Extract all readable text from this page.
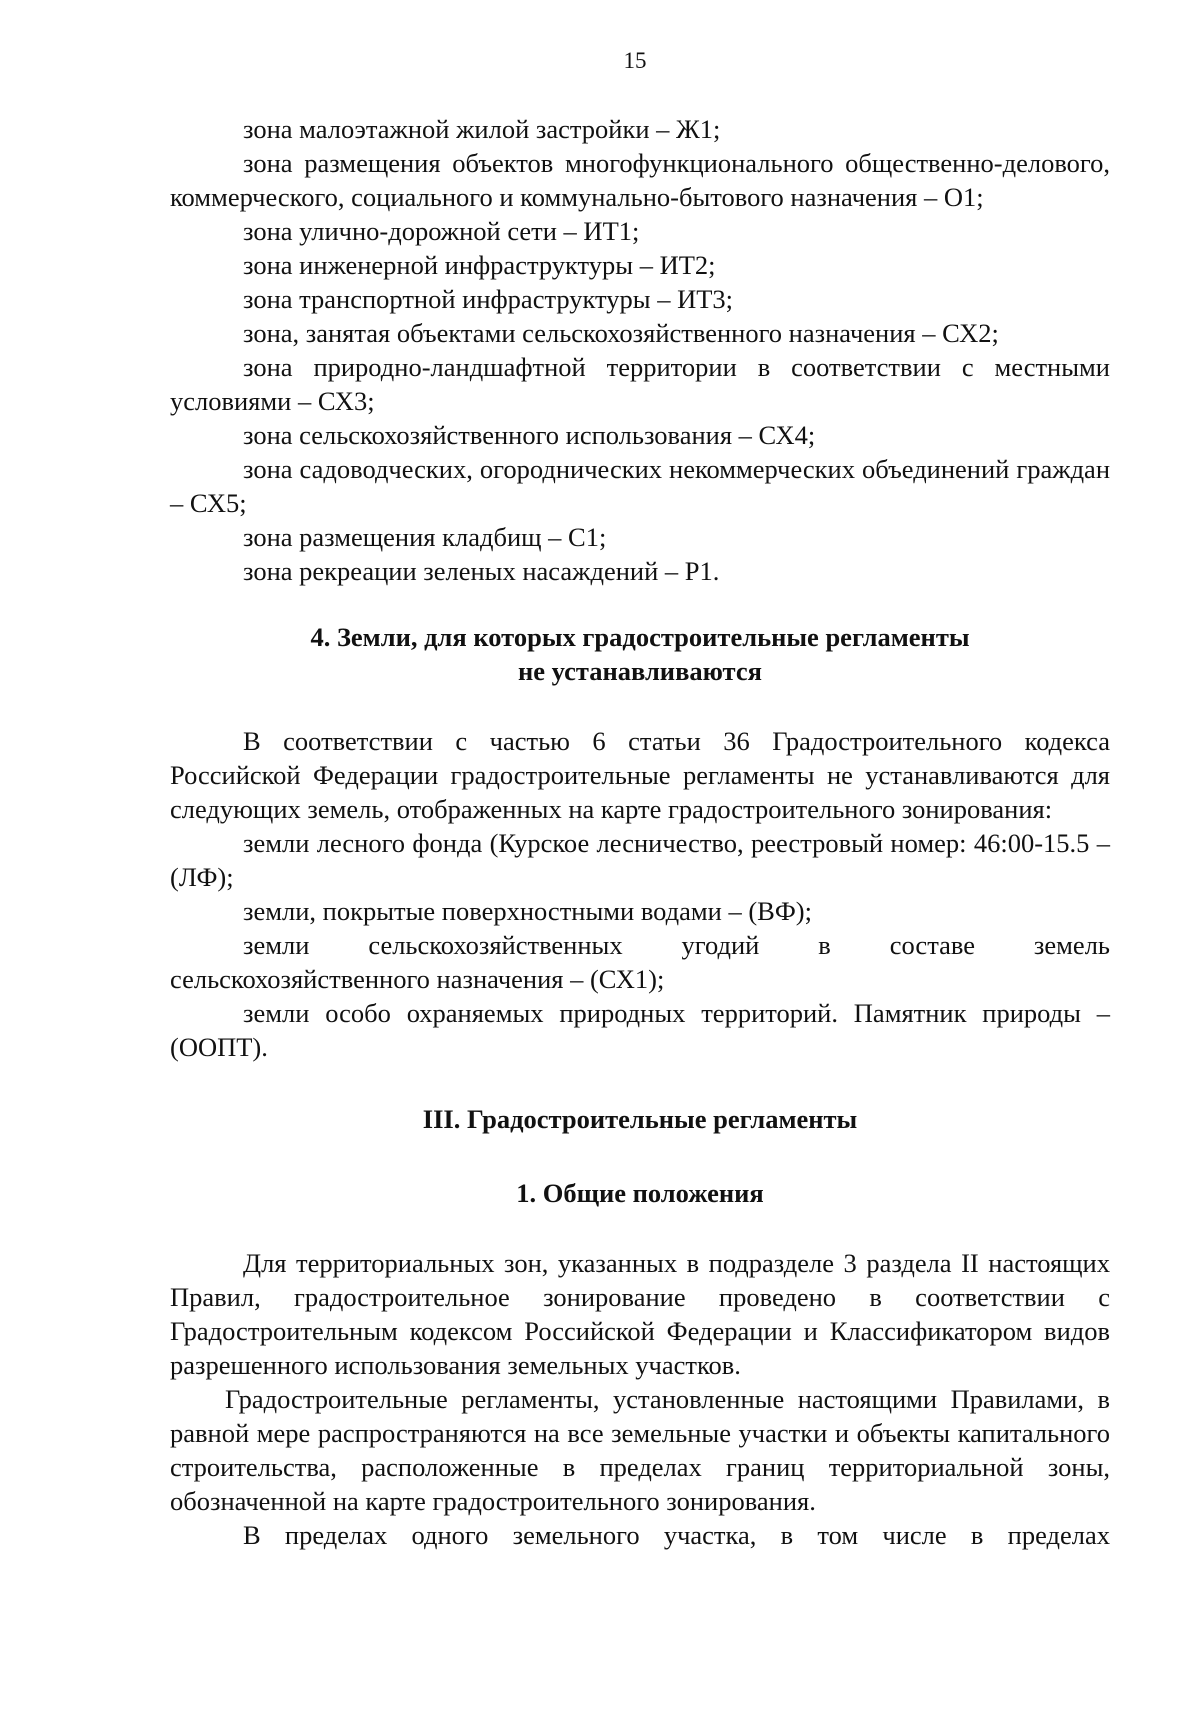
15

зона малоэтажной жилой застройки – Ж1;

зона размещения объектов многофункционального общественно-делового, коммерческого, социального и коммунально-бытового назначения – О1;

зона улично-дорожной сети – ИТ1;

зона инженерной инфраструктуры – ИТ2;

зона транспортной инфраструктуры – ИТ3;

зона, занятая объектами сельскохозяйственного назначения – СХ2;

зона природно-ландшафтной территории в соответствии с местными условиями – СХ3;

зона сельскохозяйственного использования – СХ4;

зона садоводческих, огороднических некоммерческих объединений граждан – СХ5;

зона размещения кладбищ – С1;

зона рекреации зеленых насаждений – Р1.

4. Земли, для которых градостроительные регламенты

не устанавливаются

В соответствии с частью 6 статьи 36 Градостроительного кодекса Российской Федерации градостроительные регламенты не устанавливаются для следующих земель, отображенных на карте градостроительного зонирования:

земли лесного фонда (Курское лесничество, реестровый номер: 46:00-15.5 – (ЛФ);

земли, покрытые поверхностными водами – (ВФ);

земли сельскохозяйственных угодий в составе земель сельскохозяйственного назначения – (СХ1);

земли особо охраняемых природных территорий. Памятник природы – (ООПТ).

III. Градостроительные регламенты

1. Общие положения

Для территориальных зон, указанных в подразделе 3 раздела II настоящих Правил, градостроительное зонирование проведено в соответствии с Градостроительным кодексом Российской Федерации и Классификатором видов разрешенного использования земельных участков.

Градостроительные регламенты, установленные настоящими Правилами, в равной мере распространяются на все земельные участки и объекты капитального строительства, расположенные в пределах границ территориальной зоны, обозначенной на карте градостроительного зонирования.

В пределах одного земельного участка, в том числе в пределах
